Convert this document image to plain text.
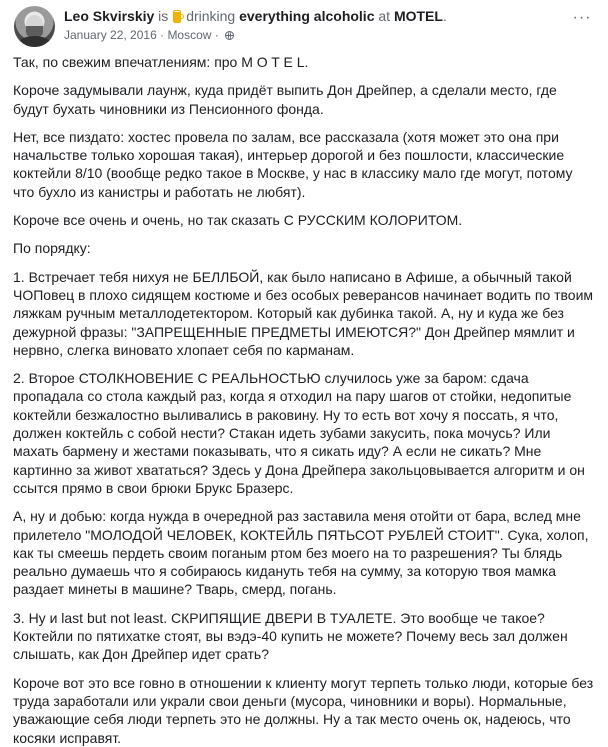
Leo Skvirskiy is drinking everything alcoholic at MOTEL.
January 22, 2016 · Moscow ·
···

Так, по свежим впечатлениям: про M O T E L.

Короче задумывали лаунж, куда придёт выпить Дон Дрейпер, а сделали место, где будут бухать чиновники из Пенсионного фонда.

Нет, все пиздато: хостес провела по залам, все рассказала (хотя может это она при начальстве только хорошая такая), интерьер дорогой и без пошлости, классические коктейли 8/10 (вообще редко такое в Москве, у нас в классику мало где могут, потому что бухло из канистры и работать не любят).

Короче все очень и очень, но так сказать С РУССКИМ КОЛОРИТОМ.

По порядку:

1. Встречает тебя нихуя не БЕЛЛБОЙ, как было написано в Афише, а обычный такой ЧОПовец в плохо сидящем костюме и без особых реверансов начинает водить по твоим ляжкам ручным металлодетектором. Который как дубинка такой. А, ну и куда же без дежурной фразы: "ЗАПРЕЩЕННЫЕ ПРЕДМЕТЫ ИМЕЮТСЯ?" Дон Дрейпер мямлит и нервно, слегка виновато хлопает себя по карманам.

2. Второе СТОЛКНОВЕНИЕ С РЕАЛЬНОСТЬЮ случилось уже за баром: сдача пропадала со стола каждый раз, когда я отходил на пару шагов от стойки, недопитые коктейли безжалостно выливались в раковину. Ну то есть вот хочу я поссать, я что, должен коктейль с собой нести? Стакан идеть зубами закусить, пока мочусь? Или махать бармену и жестами показывать, что я сикать иду? А если не сикать? Мне картинно за живот хвататься? Здесь у Дона Дрейпера закольцовывается алгоритм и он ссытся прямо в свои брюки Брукс Бразерс.

А, ну и добью: когда нужда в очередной раз заставила меня отойти от бара, вслед мне прилетело "МОЛОДОЙ ЧЕЛОВЕК, КОКТЕЙЛЬ ПЯТЬСОТ РУБЛЕЙ СТОИТ". Сука, холоп, как ты смеешь пердеть своим поганым ртом без моего на то разрешения? Ты блядь реально думаешь что я собираюсь киданyть тебя на сумму, за которую твоя мамка раздает минеты в машине? Тварь, смерд, погань.

3. Ну и last but not least. СКРИПЯЩИЕ ДВЕРИ В ТУАЛЕТЕ. Это вообще че такое? Коктейли по пятихатке стоят, вы вэдэ-40 купить не можете? Почему весь зал должен слышать, как Дон Дрейпер идет срать?

Короче вот это все говно в отношении к клиенту могут терпеть только люди, которые без труда заработали или украли свои деньги (мусора, чиновники и воры). Нормальные, уважающие себя люди терпеть это не должны. Ну а так место очень ок, надеюсь, что косяки исправят.
